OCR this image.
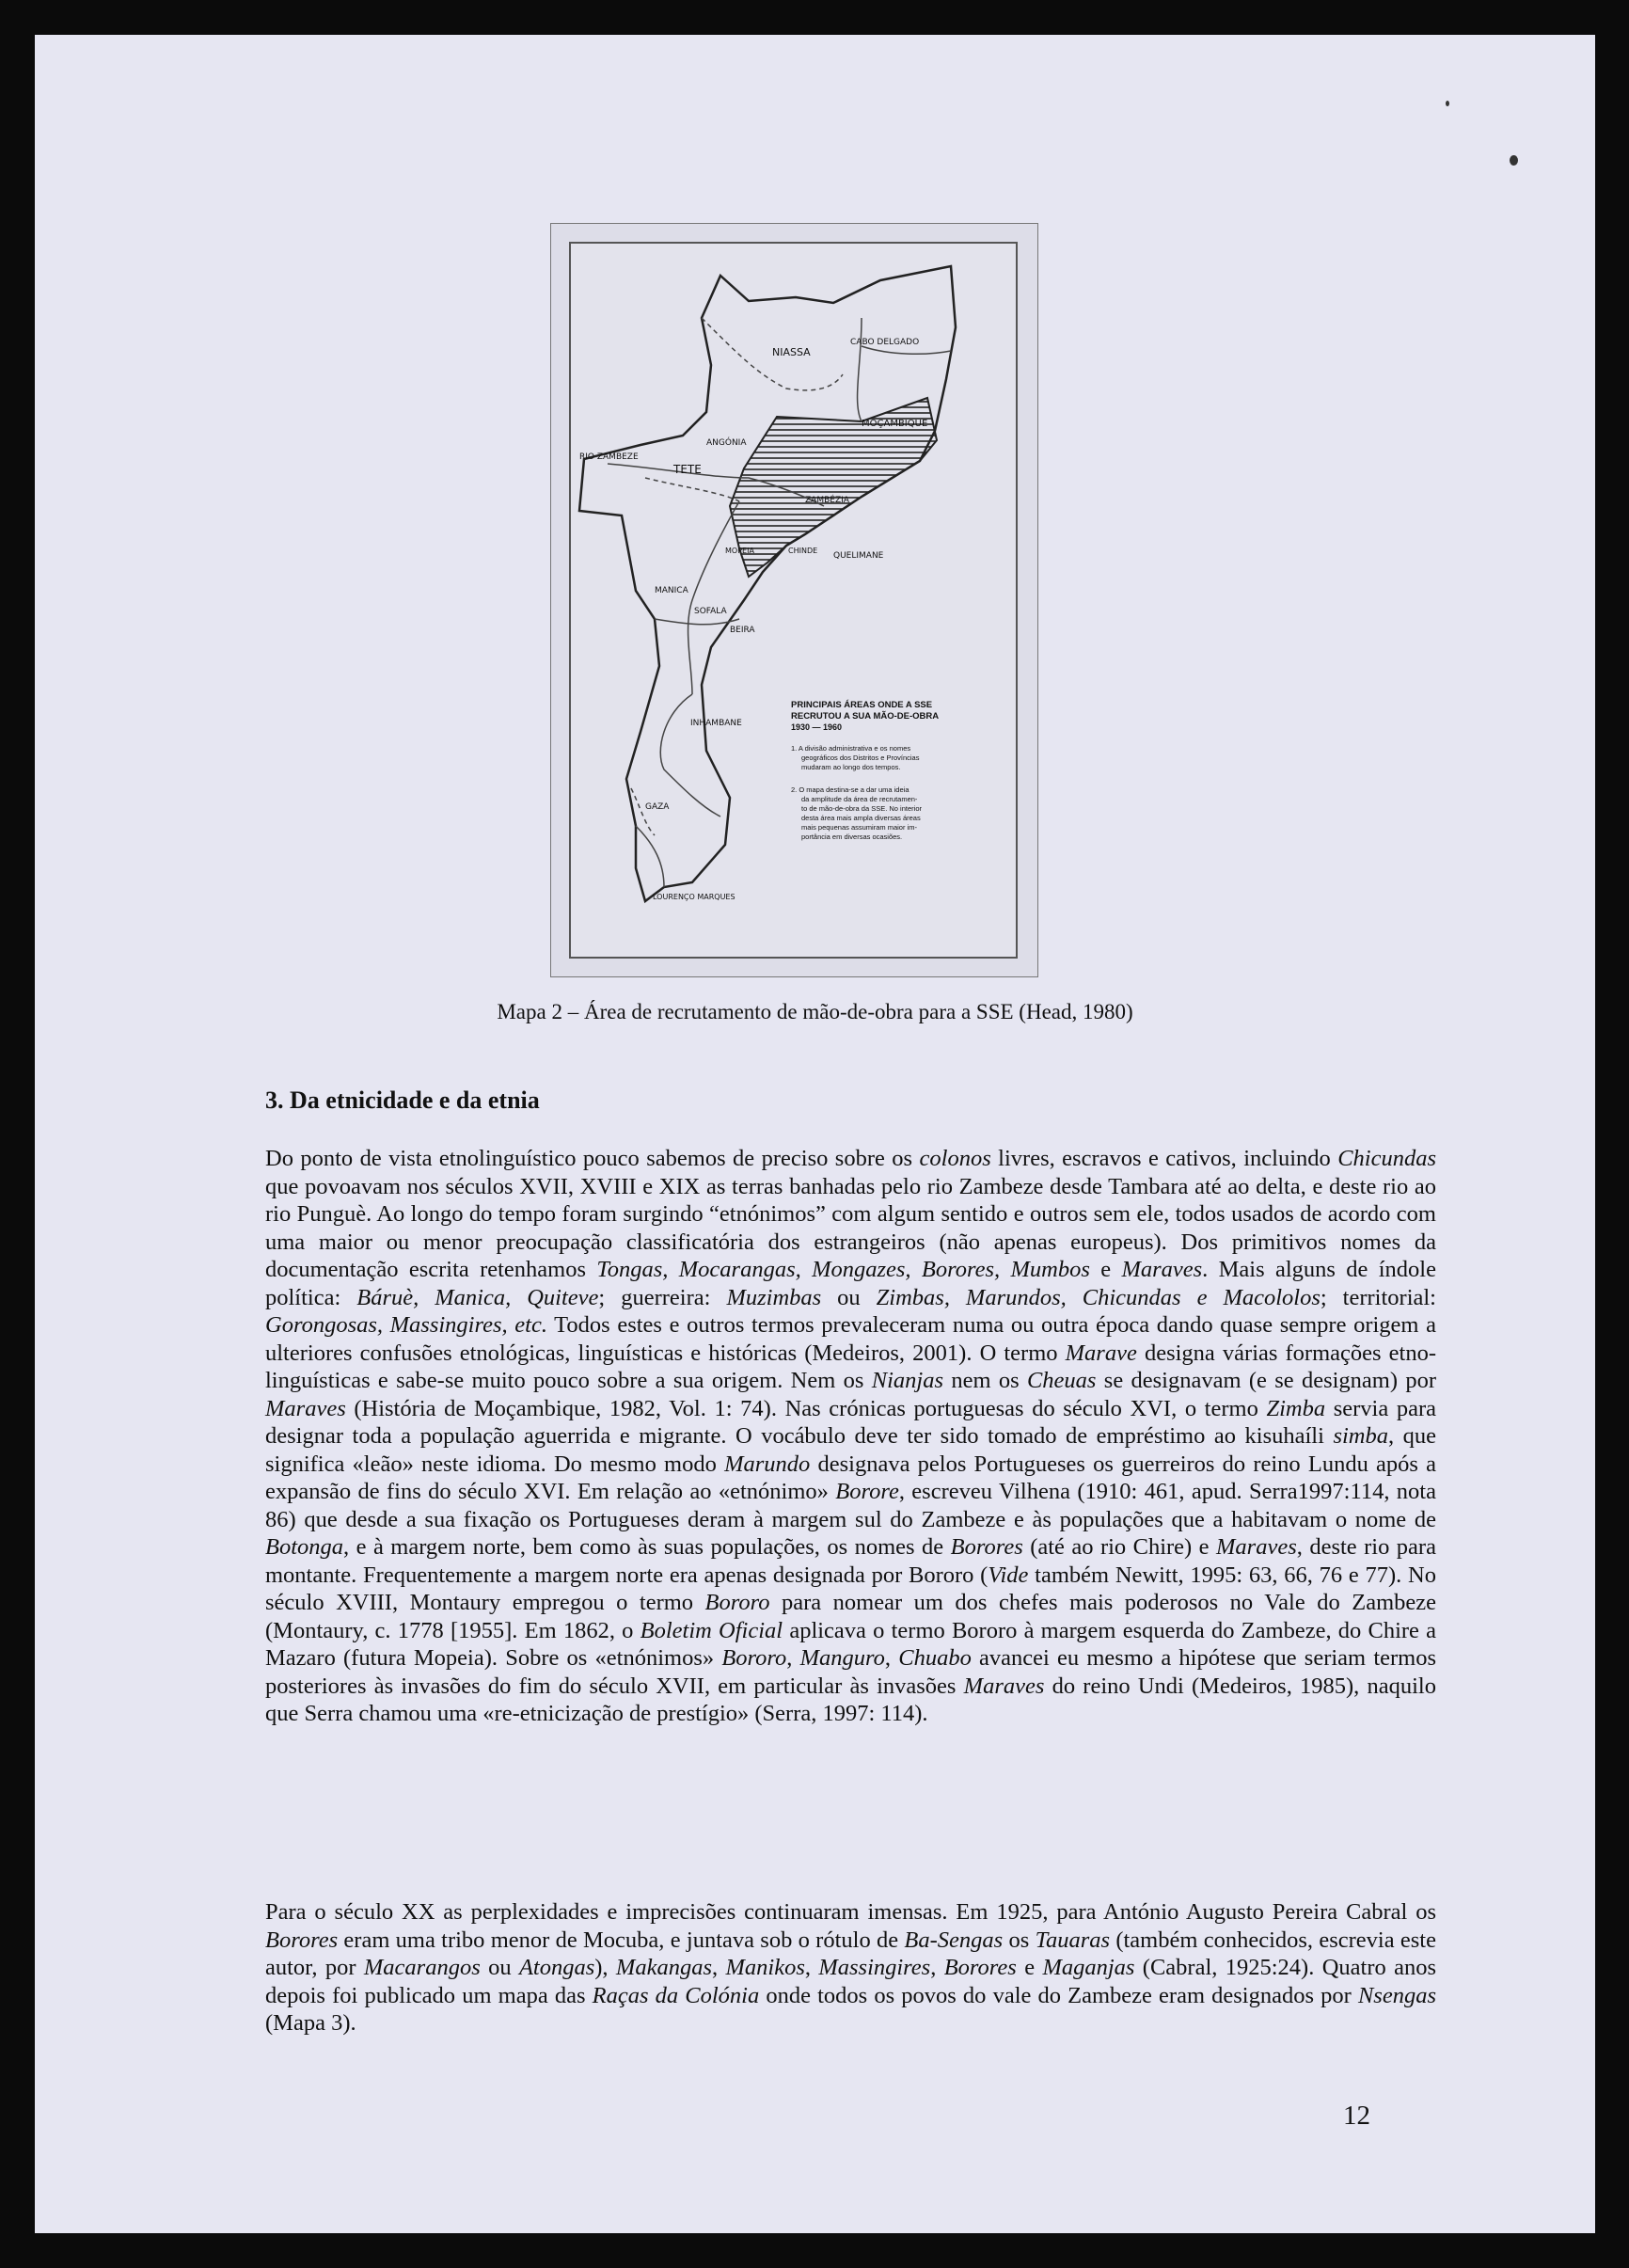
NIASSA
CABO DELGADO
MOÇAMBIQUE
RIO ZAMBEZE
ANGÓNIA
TETE
ZAMBÉZIA
QUELIMANE
MOPEIA	CHINDE
MANICA
SOFALA
BEIRA
INHAMBANE
GAZA
LOURENÇO MARQUES
PRINCIPAIS ÁREAS ONDE A SSE
RECRUTOU A SUA MÃO-DE-OBRA
1930 — 1960
1. A divisão administrativa e os nomes
geográficos dos Distritos e Províncias
mudaram ao longo dos tempos.
2. O mapa destina-se a dar uma ideia
da amplitude da área de recrutamen-
to de mão-de-obra da SSE. No interior
desta área mais ampla diversas áreas
mais pequenas assumiram maior im-
portância em diversas ocasiões.
Mapa 2 – Área de recrutamento de mão-de-obra para a SSE (Head, 1980)
3. Da etnicidade e da etnia
Do ponto de vista etnolinguístico pouco sabemos de preciso sobre os colonos livres, escravos e cativos, incluindo Chicundas que povoavam nos séculos XVII, XVIII e XIX as terras banhadas pelo rio Zambeze desde Tambara até ao delta, e deste rio ao rio Punguè. Ao longo do tempo foram surgindo “etnónimos” com algum sentido e outros sem ele, todos usados de acordo com uma maior ou menor preocupação classificatória dos estrangeiros (não apenas europeus). Dos primitivos nomes da documentação escrita retenhamos Tongas, Mocarangas, Mongazes, Borores, Mumbos e Maraves. Mais alguns de índole política: Báruè, Manica, Quiteve; guerreira: Muzimbas ou Zimbas, Marundos, Chicundas e Macololos; territorial: Gorongosas, Massingires, etc. Todos estes e outros termos prevaleceram numa ou outra época dando quase sempre origem a ulteriores confusões etnológicas, linguísticas e históricas (Medeiros, 2001). O termo Marave designa várias formações etno-linguísticas e sabe-se muito pouco sobre a sua origem. Nem os Nianjas nem os Cheuas se designavam (e se designam) por Maraves (História de Moçambique, 1982, Vol. 1: 74). Nas crónicas portuguesas do século XVI, o termo Zimba servia para designar toda a população aguerrida e migrante. O vocábulo deve ter sido tomado de empréstimo ao kisuhaíli simba, que significa «leão» neste idioma. Do mesmo modo Marundo designava pelos Portugueses os guerreiros do reino Lundu após a expansão de fins do século XVI. Em relação ao «etnónimo» Borore, escreveu Vilhena (1910: 461, apud. Serra1997:114, nota 86) que desde a sua fixação os Portugueses deram à margem sul do Zambeze e às populações que a habitavam o nome de Botonga, e à margem norte, bem como às suas populações, os nomes de Borores (até ao rio Chire) e Maraves, deste rio para montante. Frequentemente a margem norte era apenas designada por Bororo (Vide também Newitt, 1995: 63, 66, 76 e 77). No século XVIII, Montaury empregou o termo Bororo para nomear um dos chefes mais poderosos no Vale do Zambeze (Montaury, c. 1778 [1955]. Em 1862, o Boletim Oficial aplicava o termo Bororo à margem esquerda do Zambeze, do Chire a Mazaro (futura Mopeia). Sobre os «etnónimos» Bororo, Manguro, Chuabo avancei eu mesmo a hipótese que seriam termos posteriores às invasões do fim do século XVII, em particular às invasões Maraves do reino Undi (Medeiros, 1985), naquilo que Serra chamou uma «re-etnicização de prestígio» (Serra, 1997: 114).
Para o século XX as perplexidades e imprecisões continuaram imensas. Em 1925, para António Augusto Pereira Cabral os Borores eram uma tribo menor de Mocuba, e juntava sob o rótulo de Ba-Sengas os Tauaras (também conhecidos, escrevia este autor, por Macarangos ou Atongas), Makangas, Manikos, Massingires, Borores e Maganjas (Cabral, 1925:24). Quatro anos depois foi publicado um mapa das Raças da Colónia onde todos os povos do vale do Zambeze eram designados por Nsengas (Mapa 3).
12
